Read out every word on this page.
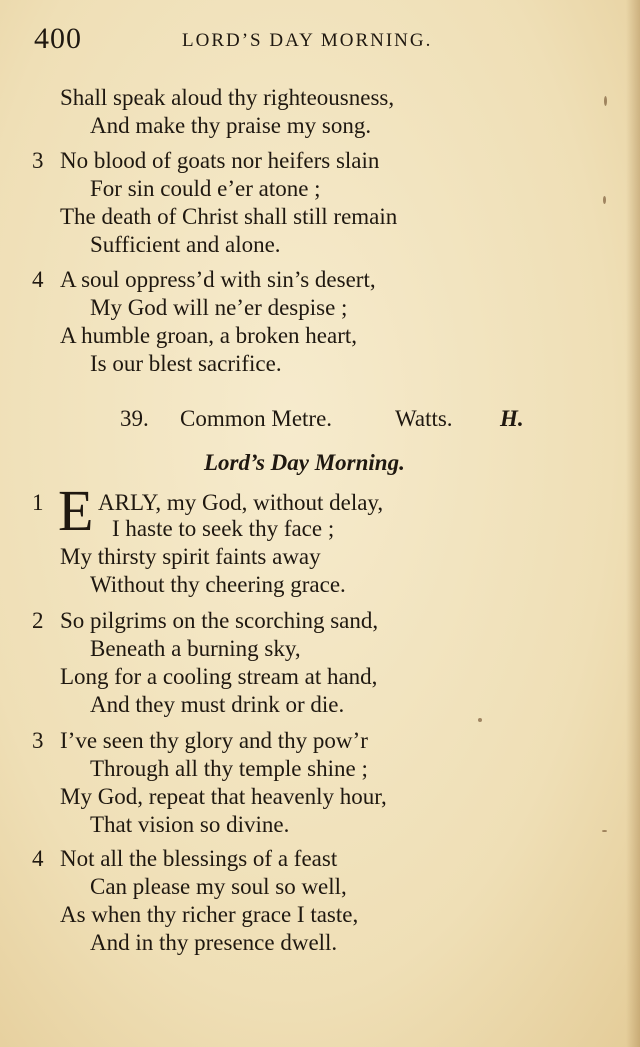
400	LORD’S DAY MORNING.
Shall speak aloud thy righteousness,
And make thy praise my song.
3 No blood of goats nor heifers slain
For sin could e’er atone ;
The death of Christ shall still remain
Sufficient and alone.
4 A soul oppress’d with sin’s desert,
My God will ne’er despise ;
A humble groan, a broken heart,
Is our blest sacrifice.
39. Common Metre.	Watts. H.
Lord’s Day Morning.
1 E ARLY, my God, without delay,
I haste to seek thy face ;
My thirsty spirit faints away
Without thy cheering grace.
2 So pilgrims on the scorching sand,
Beneath a burning sky,
Long for a cooling stream at hand,
And they must drink or die.
3 I’ve seen thy glory and thy pow’r
Through all thy temple shine ;
My God, repeat that heavenly hour,
That vision so divine.
4 Not all the blessings of a feast
Can please my soul so well,
As when thy richer grace I taste,
And in thy presence dwell.
